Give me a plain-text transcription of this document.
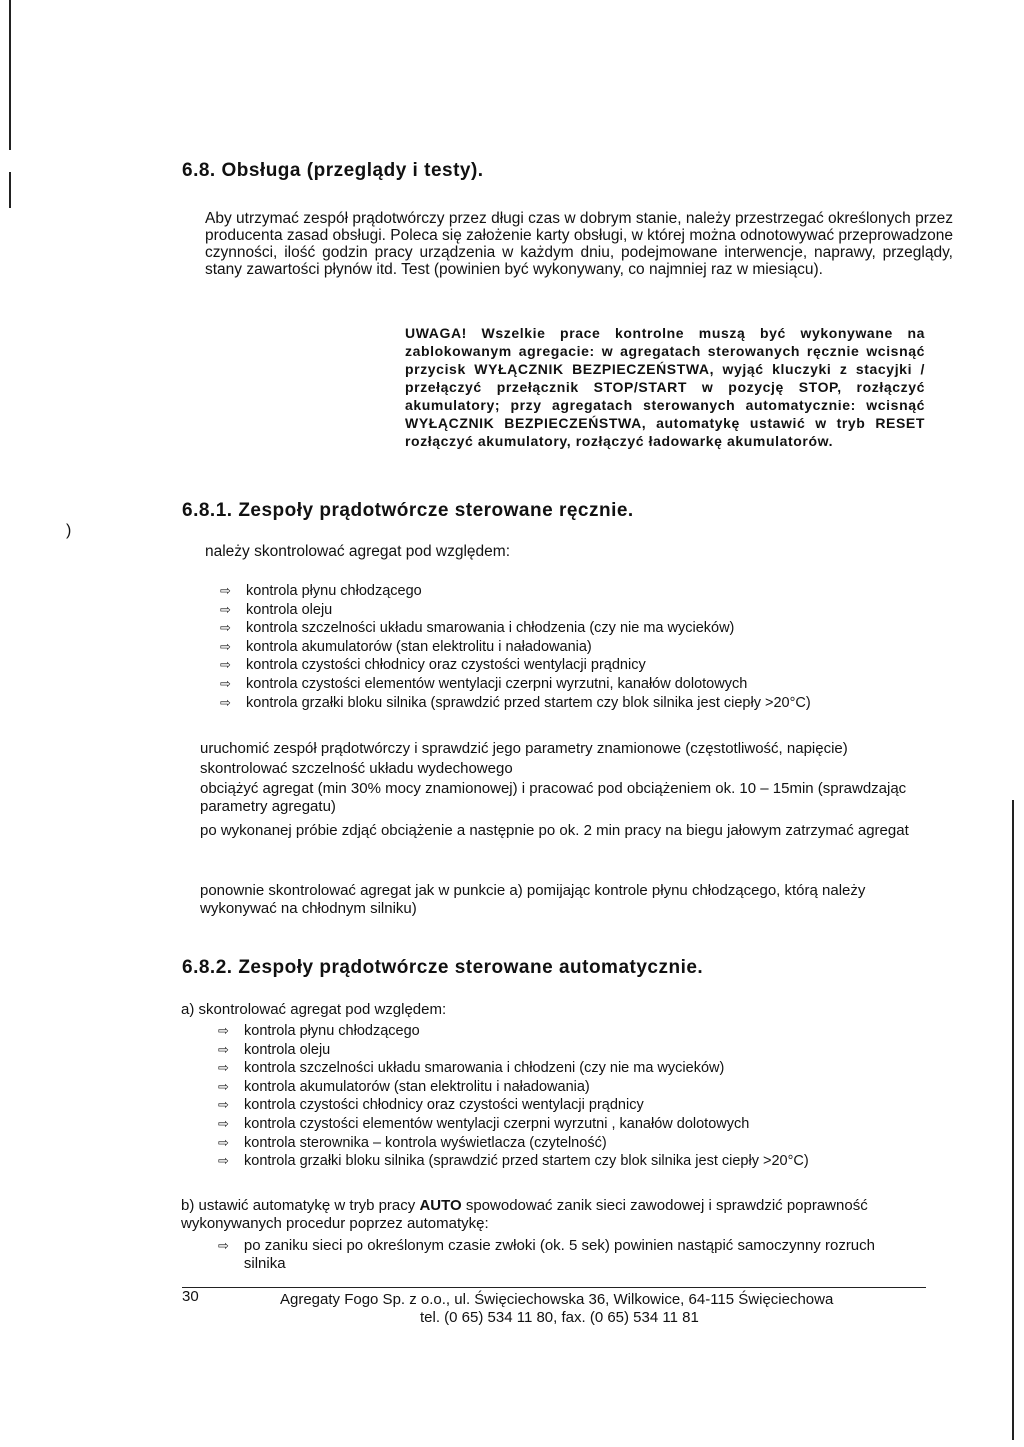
6.8. Obsługa (przeglądy i testy).

Aby utrzymać zespół prądotwórczy przez długi czas w dobrym stanie, należy przestrzegać określonych przez producenta zasad obsługi. Poleca się założenie karty obsługi, w której można odnotowywać przeprowadzone czynności, ilość godzin pracy urządzenia w każdym dniu, podejmowane interwencje, naprawy, przeglądy, stany zawartości płynów itd. Test (powinien być wykonywany, co najmniej raz w miesiącu).

UWAGA! Wszelkie prace kontrolne muszą być wykonywane na zablokowanym agregacie: w agregatach sterowanych ręcznie wcisnąć przycisk WYŁĄCZNIK BEZPIECZEŃSTWA, wyjąć kluczyki z stacyjki / przełączyć przełącznik STOP/START w pozycję STOP, rozłączyć akumulatory; przy agregatach sterowanych automatycznie: wcisnąć WYŁĄCZNIK BEZPIECZEŃSTWA, automatykę ustawić w tryb RESET rozłączyć akumulatory, rozłączyć ładowarkę akumulatorów.

)
6.8.1. Zespoły prądotwórcze sterowane ręcznie.
należy skontrolować agregat pod względem:
⇨	kontrola płynu chłodzącego
⇨	kontrola oleju
⇨	kontrola szczelności układu smarowania i chłodzenia (czy nie ma wycieków)
⇨	kontrola akumulatorów (stan elektrolitu i naładowania)
⇨	kontrola czystości chłodnicy oraz czystości wentylacji prądnicy
⇨	kontrola czystości elementów wentylacji czerpni wyrzutni, kanałów dolotowych
⇨	kontrola grzałki bloku silnika (sprawdzić przed startem czy blok silnika jest ciepły >20°C)
uruchomić zespół prądotwórczy i sprawdzić jego parametry znamionowe (częstotliwość, napięcie)
skontrolować szczelność układu wydechowego
obciążyć agregat (min 30% mocy znamionowej) i pracować pod obciążeniem ok. 10 – 15min (sprawdzając parametry agregatu)
po wykonanej próbie zdjąć obciążenie a następnie po ok. 2 min pracy na biegu jałowym zatrzymać agregat
ponownie skontrolować agregat jak w punkcie a) pomijając kontrole płynu chłodzącego, którą należy wykonywać na chłodnym silniku)
6.8.2. Zespoły prądotwórcze sterowane automatycznie.
a) skontrolować agregat pod względem:
⇨	kontrola płynu chłodzącego
⇨	kontrola oleju
⇨	kontrola szczelności układu smarowania i chłodzeni (czy nie ma wycieków)
⇨	kontrola akumulatorów (stan elektrolitu i naładowania)
⇨	kontrola czystości chłodnicy oraz czystości wentylacji prądnicy
⇨	kontrola czystości elementów wentylacji czerpni wyrzutni , kanałów dolotowych
⇨	kontrola sterownika – kontrola wyświetlacza (czytelność)
⇨	kontrola grzałki bloku silnika (sprawdzić przed startem czy blok silnika jest ciepły >20°C)
b) ustawić automatykę w tryb pracy AUTO spowodować zanik sieci zawodowej i sprawdzić poprawność wykonywanych procedur poprzez automatykę:
⇨ po zaniku sieci po określonym czasie zwłoki (ok. 5 sek) powinien nastąpić samoczynny rozruch silnika
30	Agregaty Fogo Sp. z o.o., ul. Święciechowska 36, Wilkowice, 64-115 Święciechowa
tel. (0 65) 534 11 80, fax. (0 65) 534 11 81
